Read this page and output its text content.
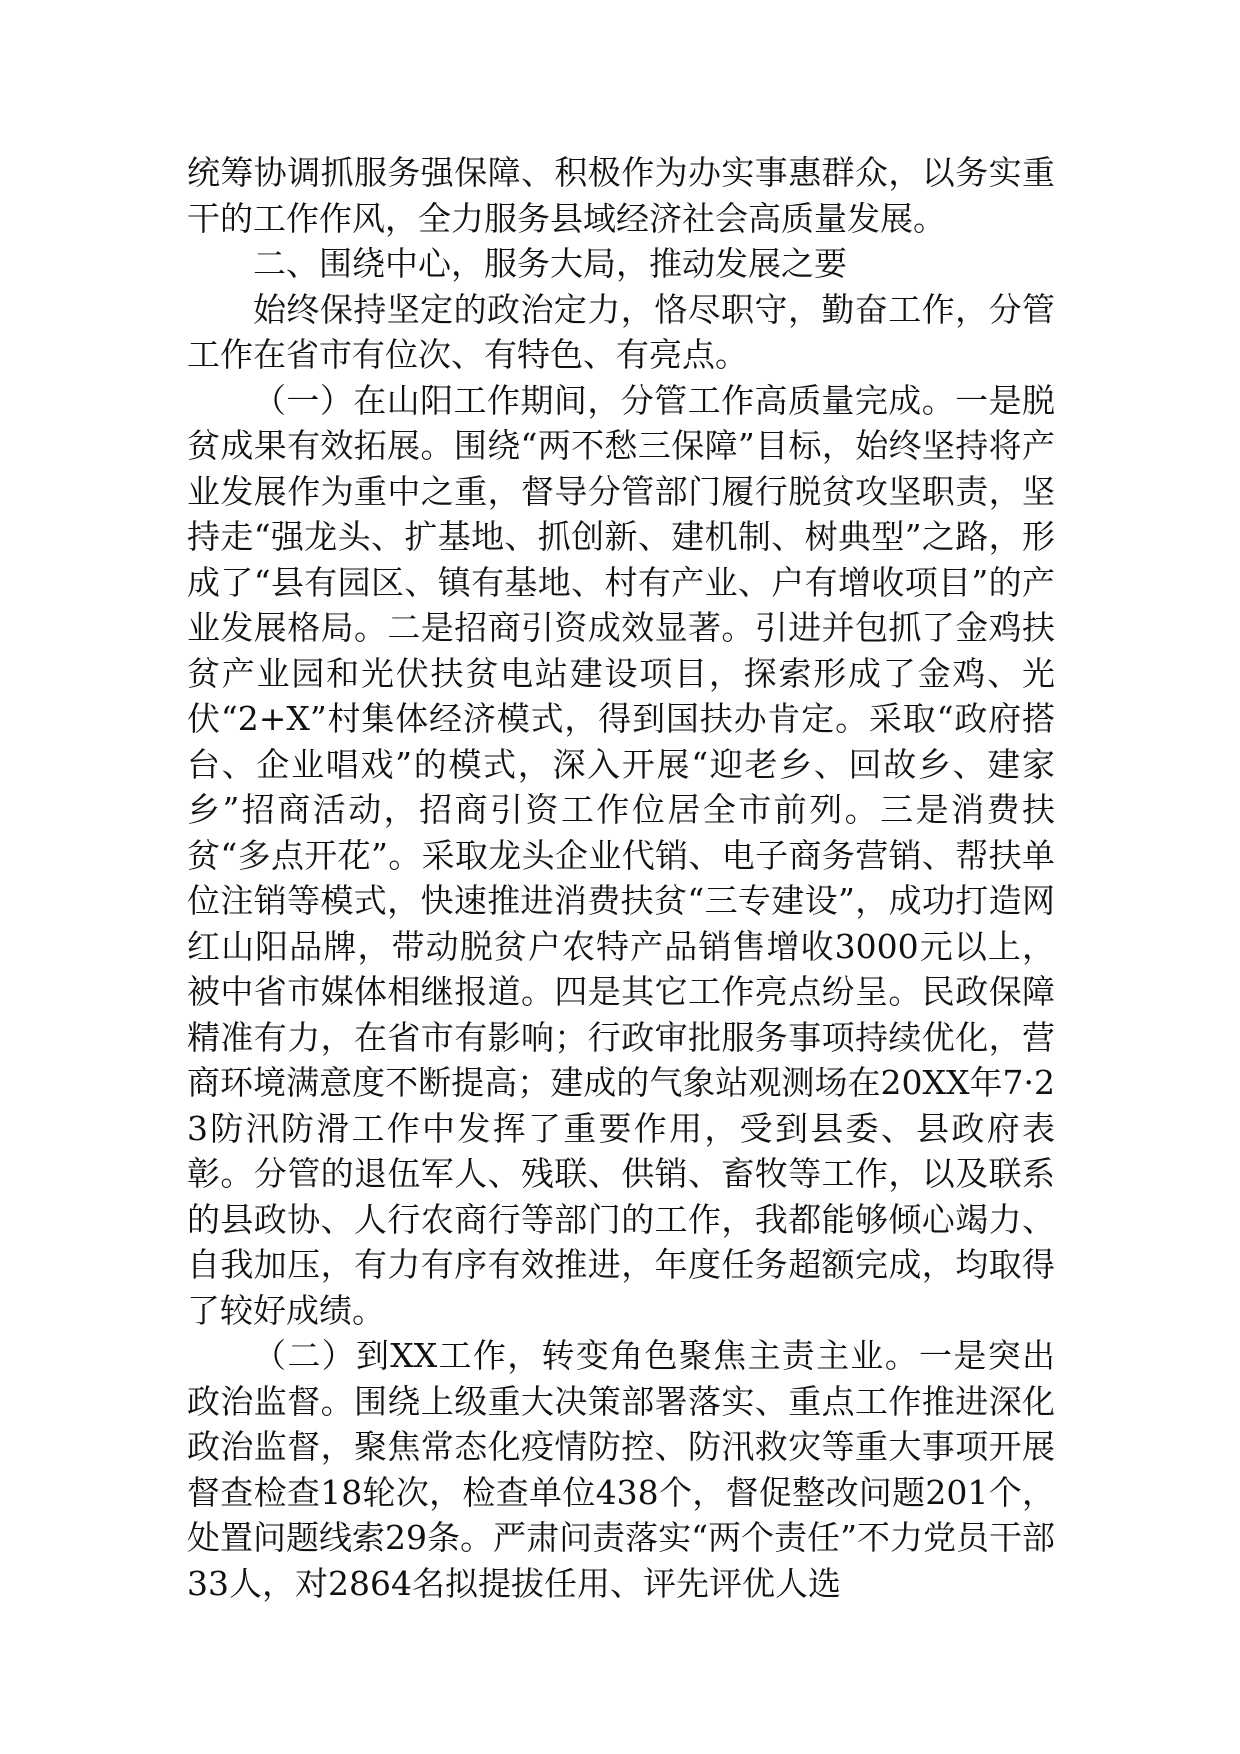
统筹协调抓服务强保障、积极作为办实事惠群众，以务实重干的工作作风，全力服务县域经济社会高质量发展。

二、围绕中心，服务大局，推动发展之要

始终保持坚定的政治定力，恪尽职守，勤奋工作，分管工作在省市有位次、有特色、有亮点。

（一）在山阳工作期间，分管工作高质量完成。一是脱贫成果有效拓展。围绕“两不愁三保障”目标，始终坚持将产业发展作为重中之重，督导分管部门履行脱贫攻坚职责，坚持走“强龙头、扩基地、抓创新、建机制、树典型”之路，形成了“县有园区、镇有基地、村有产业、户有增收项目”的产业发展格局。二是招商引资成效显著。引进并包抓了金鸡扶贫产业园和光伏扶贫电站建设项目，探索形成了金鸡、光伏“2+X”村集体经济模式，得到国扶办肯定。采取“政府搭台、企业唱戏”的模式，深入开展“迎老乡、回故乡、建家乡”招商活动，招商引资工作位居全市前列。三是消费扶贫“多点开花”。采取龙头企业代销、电子商务营销、帮扶单位注销等模式，快速推进消费扶贫“三专建设”，成功打造网红山阳品牌，带动脱贫户农特产品销售增收3000元以上，被中省市媒体相继报道。四是其它工作亮点纷呈。民政保障精准有力，在省市有影响；行政审批服务事项持续优化，营商环境满意度不断提高；建成的气象站观测场在20XX年7·23防汛防滑工作中发挥了重要作用，受到县委、县政府表彰。分管的退伍军人、残联、供销、畜牧等工作，以及联系的县政协、人行农商行等部门的工作，我都能够倾心竭力、自我加压，有力有序有效推进，年度任务超额完成，均取得了较好成绩。

（二）到XX工作，转变角色聚焦主责主业。一是突出政治监督。围绕上级重大决策部署落实、重点工作推进深化政治监督，聚焦常态化疫情防控、防汛救灾等重大事项开展督查检查18轮次，检查单位438个，督促整改问题201个，处置问题线索29条。严肃问责落实“两个责任”不力党员干部33人，对2864名拟提拔任用、评先评优人选
